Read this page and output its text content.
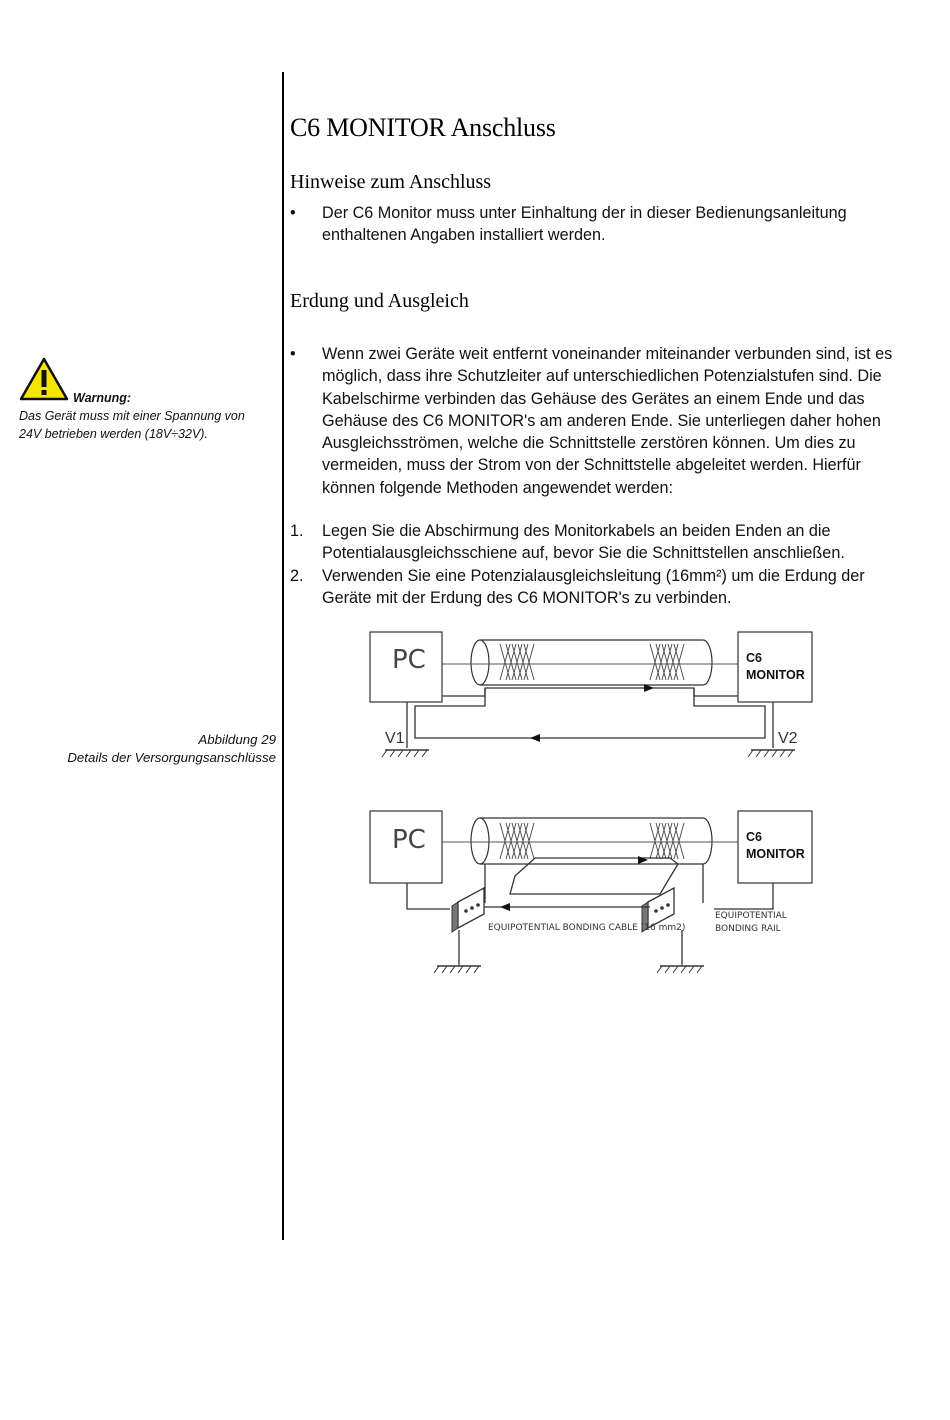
C6 MONITOR Anschluss
Hinweise zum Anschluss

• Der C6 Monitor muss unter Einhaltung der in dieser Bedienungsanleitung enthaltenen Angaben installiert werden.

Erdung und Ausgleich

• Wenn zwei Geräte weit entfernt voneinander miteinander verbunden sind, ist es möglich, dass ihre Schutzleiter auf unterschiedlichen Potenzialstufen sind. Die Kabelschirme verbinden das Gehäuse des Gerätes an einem Ende und das Gehäuse des C6 MONITOR's am anderen Ende. Sie unterliegen daher hohen Ausgleichsströmen, welche die Schnittstelle zerstören können. Um dies zu vermeiden, muss der Strom von der Schnittstelle abgeleitet werden. Hierfür können folgende Methoden angewendet werden:

1. Legen Sie die Abschirmung des Monitorkabels an beiden Enden an die Potentialausgleichsschiene auf, bevor Sie die Schnittstellen anschließen.

2. Verwenden Sie eine Potenzialausgleichsleitung (16mm²) um die Erdung der Geräte mit der Erdung des C6 MONITOR's zu verbinden.

Warnung:
Das Gerät muss mit einer Spannung von 24V betrieben werden (18V÷32V).
Abbildung 29
Details der Versorgungsanschlüsse
PC	C6
MONITOR
V1	V2
PC	C6
MONITOR
EQUIPOTENTIAL BONDING CABLE (16 mm2)
EQUIPOTENTIAL
BONDING RAIL
